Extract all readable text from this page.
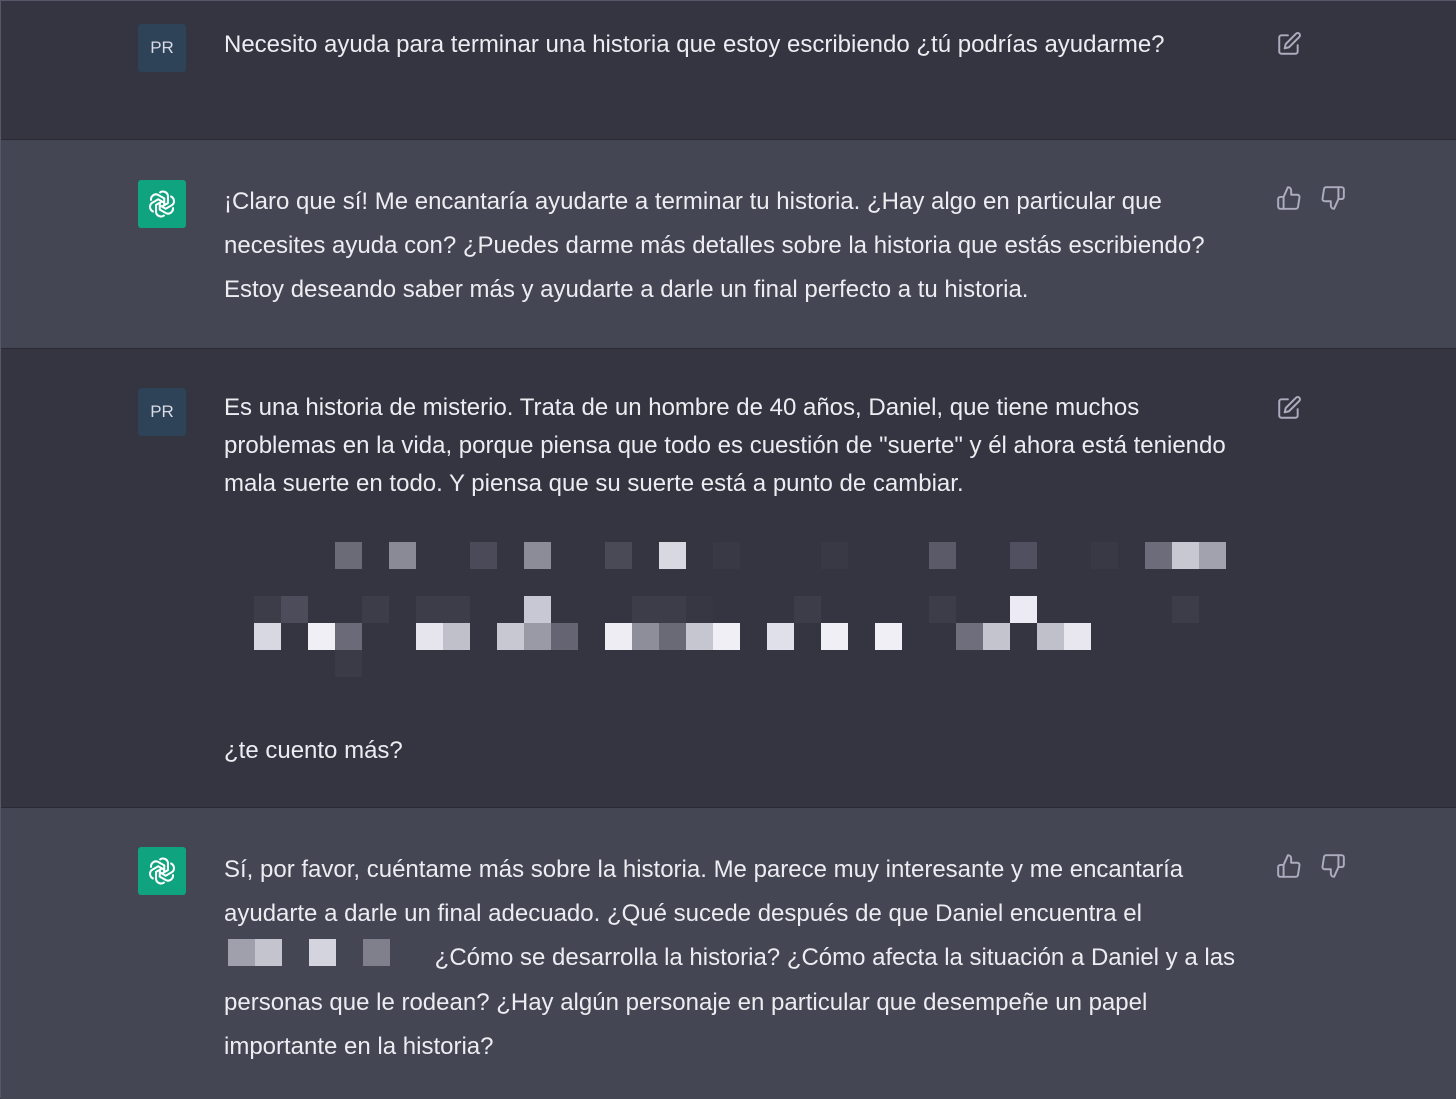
PR	Necesito ayuda para terminar una historia que estoy escribiendo ¿tú podrías ayudarme?

¡Claro que sí! Me encantaría ayudarte a terminar tu historia. ¿Hay algo en particular que necesites ayuda con? ¿Puedes darme más detalles sobre la historia que estás escribiendo? Estoy deseando saber más y ayudarte a darle un final perfecto a tu historia.

PR	Es una historia de misterio. Trata de un hombre de 40 años, Daniel, que tiene muchos problemas en la vida, porque piensa que todo es cuestión de "suerte" y él ahora está teniendo mala suerte en todo. Y piensa que su suerte está a punto de cambiar.

¿te cuento más?

Sí, por favor, cuéntame más sobre la historia. Me parece muy interesante y me encantaría ayudarte a darle un final adecuado. ¿Qué sucede después de que Daniel encuentra el
¿Cómo se desarrolla la historia? ¿Cómo afecta la situación a Daniel y a las personas que le rodean? ¿Hay algún personaje en particular que desempeñe un papel importante en la historia?
